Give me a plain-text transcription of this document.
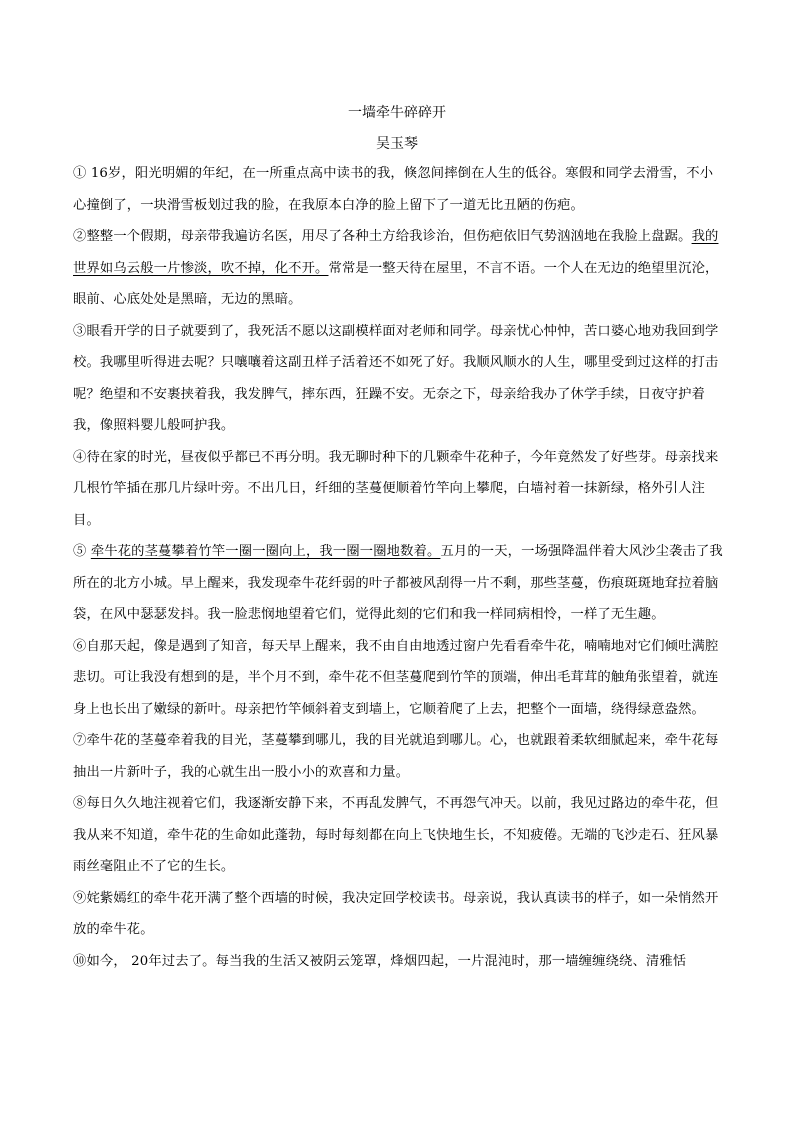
一墙牵牛碎碎开
吴玉琴

① 16岁，阳光明媚的年纪，在一所重点高中读书的我，倏忽间摔倒在人生的低谷。寒假和同学去滑雪，不小心撞倒了，一块滑雪板划过我的脸，在我原本白净的脸上留下了一道无比丑陋的伤疤。

②整整一个假期，母亲带我遍访名医，用尽了各种土方给我诊治，但伤疤依旧气势汹汹地在我脸上盘踞。我的世界如乌云般一片惨淡，吹不掉，化不开。常常是一整天待在屋里，不言不语。一个人在无边的绝望里沉沦，眼前、心底处处是黑暗，无边的黑暗。

③眼看开学的日子就要到了，我死活不愿以这副模样面对老师和同学。母亲忧心忡忡，苦口婆心地劝我回到学校。我哪里听得进去呢？只嚷嚷着这副丑样子活着还不如死了好。我顺风顺水的人生，哪里受到过这样的打击呢？绝望和不安裹挟着我，我发脾气，摔东西，狂躁不安。无奈之下，母亲给我办了休学手续，日夜守护着我，像照料婴儿般呵护我。

④待在家的时光，昼夜似乎都已不再分明。我无聊时种下的几颗牵牛花种子，今年竟然发了好些芽。母亲找来几根竹竿插在那几片绿叶旁。不出几日，纤细的茎蔓便顺着竹竿向上攀爬，白墙衬着一抹新绿，格外引人注目。

⑤ 牵牛花的茎蔓攀着竹竿一圈一圈向上，我一圈一圈地数着。五月的一天，一场强降温伴着大风沙尘袭击了我所在的北方小城。早上醒来，我发现牵牛花纤弱的叶子都被风刮得一片不剩，那些茎蔓，伤痕斑斑地耷拉着脑袋，在风中瑟瑟发抖。我一脸悲悯地望着它们，觉得此刻的它们和我一样同病相怜，一样了无生趣。

⑥自那天起，像是遇到了知音，每天早上醒来，我不由自由地透过窗户先看看牵牛花，喃喃地对它们倾吐满腔悲切。可让我没有想到的是，半个月不到，牵牛花不但茎蔓爬到竹竿的顶端，伸出毛茸茸的触角张望着，就连身上也长出了嫩绿的新叶。母亲把竹竿倾斜着支到墙上，它顺着爬了上去，把整个一面墙，绕得绿意盎然。

⑦牵牛花的茎蔓牵着我的目光，茎蔓攀到哪儿，我的目光就追到哪儿。心，也就跟着柔软细腻起来，牵牛花每抽出一片新叶子，我的心就生出一股小小的欢喜和力量。

⑧每日久久地注视着它们，我逐渐安静下来，不再乱发脾气，不再怨气冲天。以前，我见过路边的牵牛花，但我从来不知道，牵牛花的生命如此蓬勃，每时每刻都在向上飞快地生长，不知疲倦。无端的飞沙走石、狂风暴雨丝毫阻止不了它的生长。

⑨姹紫嫣红的牵牛花开满了整个西墙的时候，我决定回学校读书。母亲说，我认真读书的样子，如一朵悄然开放的牵牛花。

⑩如今， 20年过去了。每当我的生活又被阴云笼罩，烽烟四起，一片混沌时，那一墙缠缠绕绕、清雅恬
